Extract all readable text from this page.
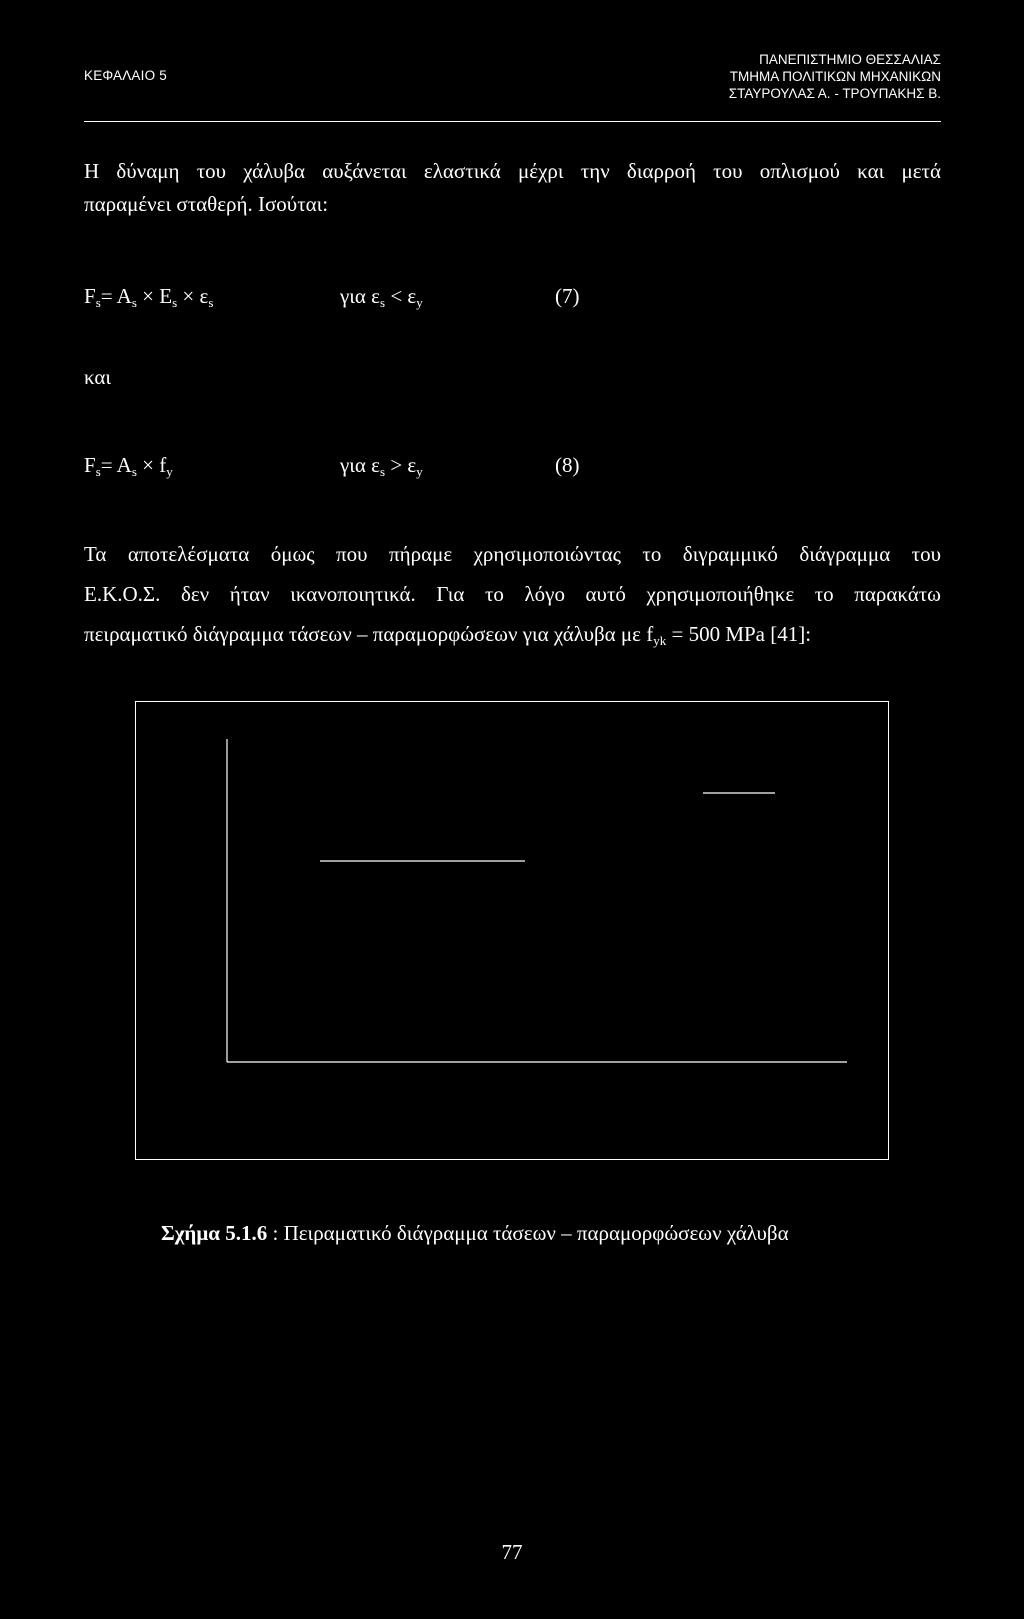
ΚΕΦΑΛΑΙΟ 5
ΠΑΝΕΠΙΣΤΗΜΙΟ ΘΕΣΣΑΛΙΑΣ
ΤΜΗΜΑ ΠΟΛΙΤΙΚΩΝ ΜΗΧΑΝΙΚΩΝ
ΣΤΑΥΡΟΥΛΑΣ Α. - ΤΡΟΥΠΑΚΗΣ Β.

Η δύναμη του χάλυβα αυξάνεται ελαστικά μέχρι την διαρροή του οπλισμού και μετά

παραμένει σταθερή. Ισούται:

$F_s= A_s \times E_s \times \varepsilon_s$	για $\varepsilon_s < \varepsilon_y$	(7)
και
$F_s= A_s \times f_y$	για $\varepsilon_s > \varepsilon_y$	(8)

Τα αποτελέσματα όμως που πήραμε χρησιμοποιώντας το διγραμμικό διάγραμμα του

Ε.Κ.Ο.Σ. δεν ήταν ικανοποιητικά. Για το λόγο αυτό χρησιμοποιήθηκε το παρακάτω

πειραματικό διάγραμμα τάσεων – παραμορφώσεων για χάλυβα με $f_{yk} = 500$ MPa [41]:

Σχήμα 5.1.6 : Πειραματικό διάγραμμα τάσεων – παραμορφώσεων χάλυβα
77
